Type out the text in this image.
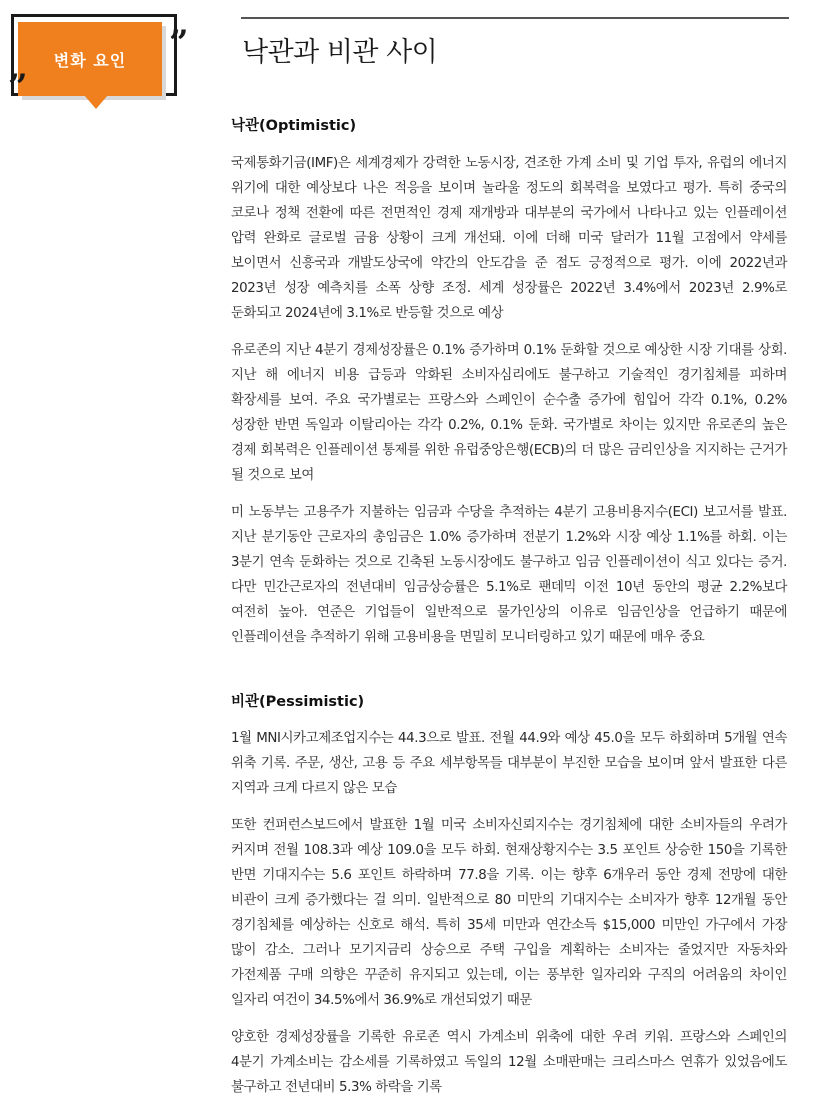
변화 요인 ”
”
낙관과 비관 사이
낙관(Optimistic)

국제통화기금(IMF)은 세계경제가 강력한 노동시장, 견조한 가계 소비 및 기업 투자, 유럽의 에너지 위기에 대한 예상보다 나은 적응을 보이며 놀라울 정도의 회복력을 보였다고 평가. 특히 중국의 코로나 정책 전환에 따른 전면적인 경제 재개방과 대부분의 국가에서 나타나고 있는 인플레이션 압력 완화로 글로벌 금융 상황이 크게 개선돼. 이에 더해 미국 달러가 11월 고점에서 약세를 보이면서 신흥국과 개발도상국에 약간의 안도감을 준 점도 긍정적으로 평가. 이에 2022년과 2023년 성장 예측치를 소폭 상향 조정. 세계 성장률은 2022년 3.4%에서 2023년 2.9%로 둔화되고 2024년에 3.1%로 반등할 것으로 예상

유로존의 지난 4분기 경제성장률은 0.1% 증가하며 0.1% 둔화할 것으로 예상한 시장 기대를 상회. 지난 해 에너지 비용 급등과 악화된 소비자심리에도 불구하고 기술적인 경기침체를 피하며 확장세를 보여. 주요 국가별로는 프랑스와 스페인이 순수출 증가에 힘입어 각각 0.1%, 0.2% 성장한 반면 독일과 이탈리아는 각각 0.2%, 0.1% 둔화. 국가별로 차이는 있지만 유로존의 높은 경제 회복력은 인플레이션 통제를 위한 유럽중앙은행(ECB)의 더 많은 금리인상을 지지하는 근거가 될 것으로 보여

미 노동부는 고용주가 지불하는 임금과 수당을 추적하는 4분기 고용비용지수(ECI) 보고서를 발표. 지난 분기동안 근로자의 총임금은 1.0% 증가하며 전분기 1.2%와 시장 예상 1.1%를 하회. 이는 3분기 연속 둔화하는 것으로 긴축된 노동시장에도 불구하고 임금 인플레이션이 식고 있다는 증거. 다만 민간근로자의 전년대비 임금상승률은 5.1%로 팬데믹 이전 10년 동안의 평균 2.2%보다 여전히 높아. 연준은 기업들이 일반적으로 물가인상의 이유로 임금인상을 언급하기 때문에 인플레이션을 추적하기 위해 고용비용을 면밀히 모니터링하고 있기 때문에 매우 중요

비관(Pessimistic)

1월 MNI시카고제조업지수는 44.3으로 발표. 전월 44.9와 예상 45.0을 모두 하회하며 5개월 연속 위축 기록. 주문, 생산, 고용 등 주요 세부항목들 대부분이 부진한 모습을 보이며 앞서 발표한 다른 지역과 크게 다르지 않은 모습

또한 컨퍼런스보드에서 발표한 1월 미국 소비자신뢰지수는 경기침체에 대한 소비자들의 우려가 커지며 전월 108.3과 예상 109.0을 모두 하회. 현재상황지수는 3.5 포인트 상승한 150을 기록한 반면 기대지수는 5.6 포인트 하락하며 77.8을 기록. 이는 향후 6개우러 동안 경제 전망에 대한 비관이 크게 증가했다는 걸 의미. 일반적으로 80 미만의 기대지수는 소비자가 향후 12개월 동안 경기침체를 예상하는 신호로 해석. 특히 35세 미만과 연간소득 $15,000 미만인 가구에서 가장 많이 감소. 그러나 모기지금리 상승으로 주택 구입을 계획하는 소비자는 줄었지만 자동차와 가전제품 구매 의향은 꾸준히 유지되고 있는데, 이는 풍부한 일자리와 구직의 어려움의 차이인 일자리 여건이 34.5%에서 36.9%로 개선되었기 때문

양호한 경제성장률을 기록한 유로존 역시 가계소비 위축에 대한 우려 키워. 프랑스와 스페인의 4분기 가계소비는 감소세를 기록하였고 독일의 12월 소매판매는 크리스마스 연휴가 있었음에도 불구하고 전년대비 5.3% 하락을 기록
